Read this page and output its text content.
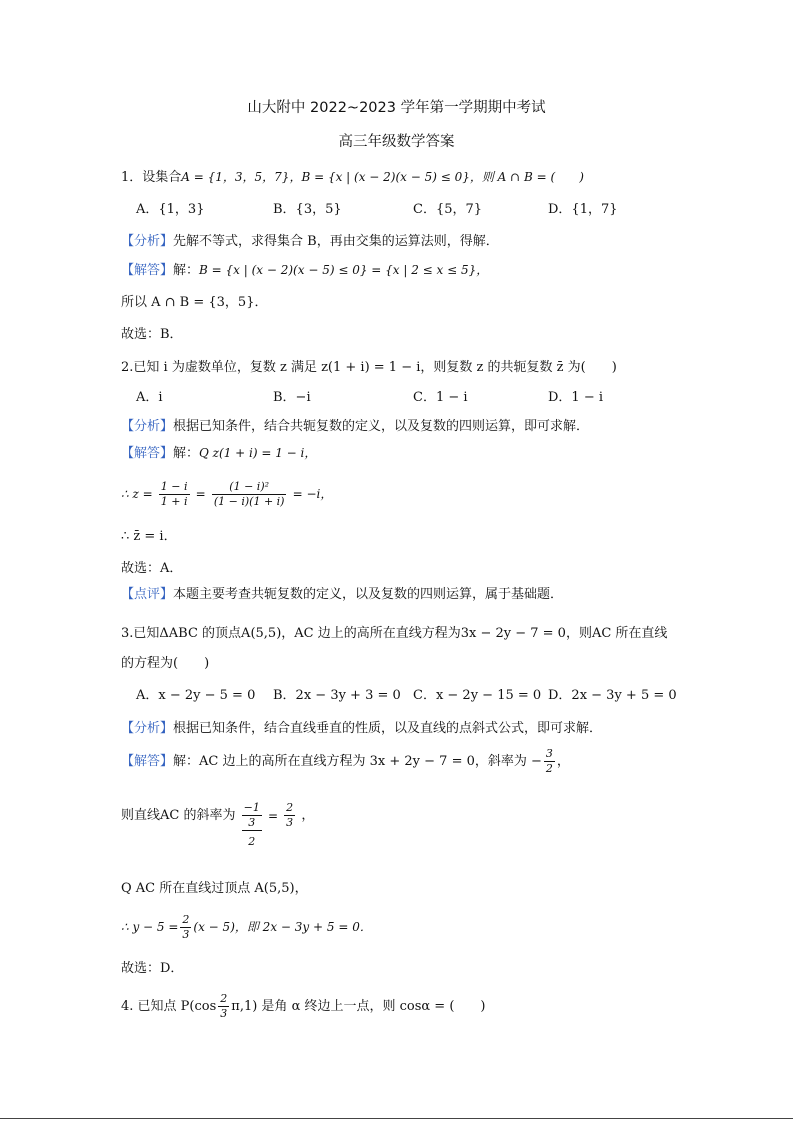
山大附中 2022~2023 学年第一学期期中考试
高三年级数学答案
1．设集合A = {1，3，5，7}，B = {x | (x − 2)(x − 5) ≤ 0}，则 A ∩ B = (　　)
A．{1，3}	B．{3，5}	C．{5，7}	D．{1，7}
【分析】先解不等式，求得集合 B，再由交集的运算法则，得解．
【解答】解：B = {x | (x − 2)(x − 5) ≤ 0} = {x | 2 ≤ x ≤ 5}，
所以 A ∩ B = {3，5}．
故选：B．
2.已知 i 为虚数单位，复数 z 满足 z(1 + i) = 1 − i，则复数 z 的共轭复数 z̄ 为(　　)
A．i	B．−i	C．1 − i	D．1 − i
【分析】根据已知条件，结合共轭复数的定义，以及复数的四则运算，即可求解．
【解答】解：Q z(1 + i) = 1 − i，
∴ $z = \frac{1 - i}{1 + i} = \frac{\text{(1 − i)²}}{(1 - i)(1 + i)} = -i$，
∴ z̄ = i．
故选：A．
【点评】本题主要考查共轭复数的定义，以及复数的四则运算，属于基础题．
3.已知ΔABC 的顶点A(5,5)，AC 边上的高所在直线方程为3x − 2y − 7 = 0，则AC 所在直线
的方程为(　　)
A．x − 2y − 5 = 0 B．2x − 3y + 3 = 0 C．x − 2y − 15 = 0 D．2x − 3y + 5 = 0
【分析】根据已知条件，结合直线垂直的性质，以及直线的点斜式公式，即可求解．
【解答】解：AC 边上的高所在直线方程为 3x + 2y − 7 = 0，斜率为 − $\frac{3}{2}$ ，
则直线AC 的斜率为
−1
3
2
= $\frac{2}{3}$ ，
Q AC 所在直线过顶点 A(5,5)，
∴ $y - 5 = \frac{2}{3} (x - 5)$，即 2x − 3y + 5 = 0．
故选：D．
4. 已知点 $P(\cos \frac{2}{3} \pi,1)$ 是角 α 终边上一点，则 cosα = (　　)
